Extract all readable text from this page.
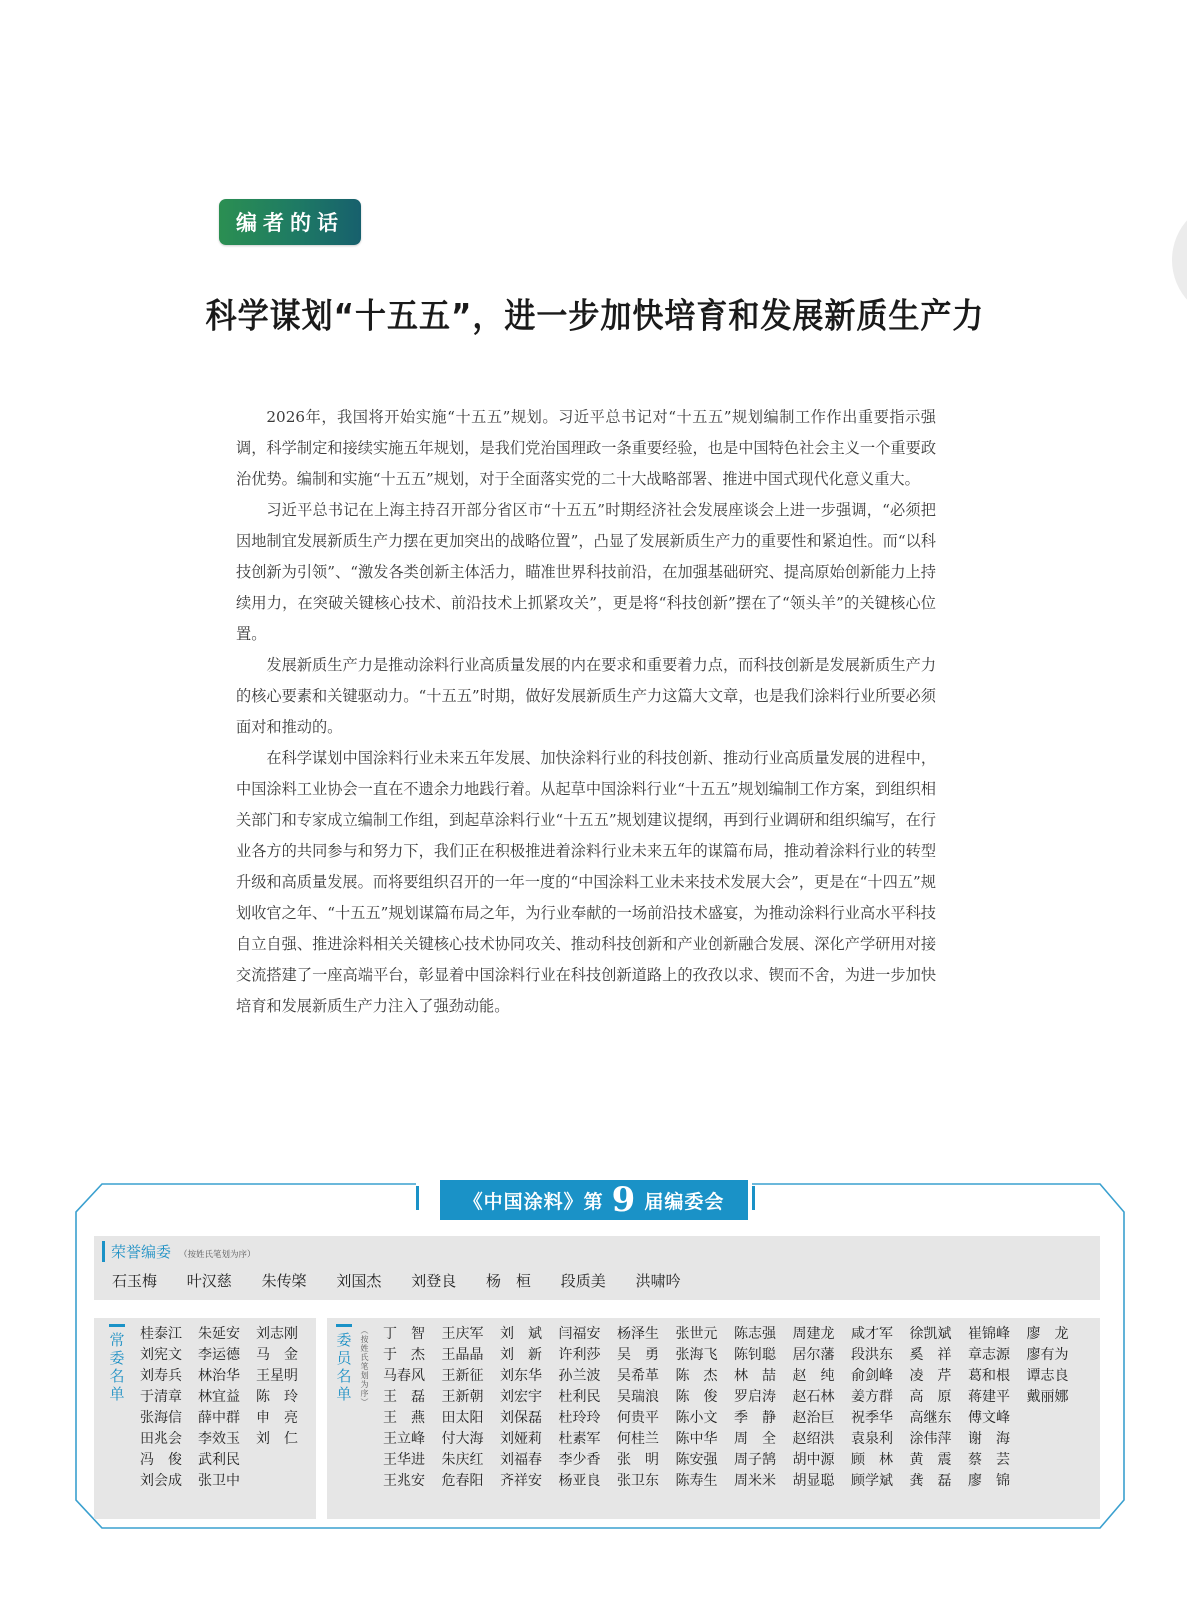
编者的话
科学谋划“十五五”，进一步加快培育和发展新质生产力

2026年，我国将开始实施“十五五”规划。习近平总书记对“十五五”规划编制工作作出重要指示强调，科学制定和接续实施五年规划，是我们党治国理政一条重要经验，也是中国特色社会主义一个重要政治优势。编制和实施“十五五”规划，对于全面落实党的二十大战略部署、推进中国式现代化意义重大。

习近平总书记在上海主持召开部分省区市“十五五”时期经济社会发展座谈会上进一步强调，“必须把因地制宜发展新质生产力摆在更加突出的战略位置”，凸显了发展新质生产力的重要性和紧迫性。而“以科技创新为引领”、“激发各类创新主体活力，瞄准世界科技前沿，在加强基础研究、提高原始创新能力上持续用力，在突破关键核心技术、前沿技术上抓紧攻关”，更是将“科技创新”摆在了“领头羊”的关键核心位置。

发展新质生产力是推动涂料行业高质量发展的内在要求和重要着力点，而科技创新是发展新质生产力的核心要素和关键驱动力。“十五五”时期，做好发展新质生产力这篇大文章，也是我们涂料行业所要必须面对和推动的。

在科学谋划中国涂料行业未来五年发展、加快涂料行业的科技创新、推动行业高质量发展的进程中，中国涂料工业协会一直在不遗余力地践行着。从起草中国涂料行业“十五五”规划编制工作方案，到组织相关部门和专家成立编制工作组，到起草涂料行业“十五五”规划建议提纲，再到行业调研和组织编写，在行业各方的共同参与和努力下，我们正在积极推进着涂料行业未来五年的谋篇布局，推动着涂料行业的转型升级和高质量发展。而将要组织召开的一年一度的“中国涂料工业未来技术发展大会”，更是在“十四五”规划收官之年、“十五五”规划谋篇布局之年，为行业奉献的一场前沿技术盛宴，为推动涂料行业高水平科技自立自强、推进涂料相关关键核心技术协同攻关、推动科技创新和产业创新融合发展、深化产学研用对接交流搭建了一座高端平台，彰显着中国涂料行业在科技创新道路上的孜孜以求、锲而不舍，为进一步加快培育和发展新质生产力注入了强劲动能。

《中国涂料》第 9 届编委会
荣誉编委 （按姓氏笔划为序）
石玉梅 叶汉慈 朱传棨 刘国杰 刘登良 杨　桓 段质美 洪啸吟
常委名单
桂泰江
刘宪文
刘寿兵
于清章
张海信
田兆会
冯　俊
刘会成
朱延安
李运德
林治华
林宜益
薛中群
李效玉
武利民
张卫中
刘志刚
马　金
王星明
陈　玲
申　亮
刘　仁
委员名单 （按姓氏笔划为序） 丁　智
于　杰
马春风
王　磊
王　燕
王立峰
王华进
王兆安
王庆军
王晶晶
王新征
王新朝
田太阳
付大海
朱庆红
危春阳
刘　斌
刘　新
刘东华
刘宏宇
刘保磊
刘娅莉
刘福春
齐祥安
闫福安
许利莎
孙兰波
杜利民
杜玲玲
杜素军
李少香
杨亚良
杨泽生
吴　勇
吴希革
吴瑞浪
何贵平
何桂兰
张　明
张卫东
张世元
张海飞
陈　杰
陈　俊
陈小文
陈中华
陈安强
陈寿生
陈志强
陈钊聪
林　喆
罗启涛
季　静
周　全
周子鹄
周米米
周建龙
居尔藩
赵　纯
赵石林
赵治巨
赵绍洪
胡中源
胡显聪
咸才军
段洪东
俞剑峰
姜方群
祝季华
袁泉利
顾　林
顾学斌
徐凯斌
奚　祥
凌　芹
高　原
高继东
涂伟萍
黄　震
龚　磊
崔锦峰
章志源
葛和根
蒋建平
傅文峰
谢　海
蔡　芸
廖　锦
廖　龙
廖有为
谭志良
戴丽娜
